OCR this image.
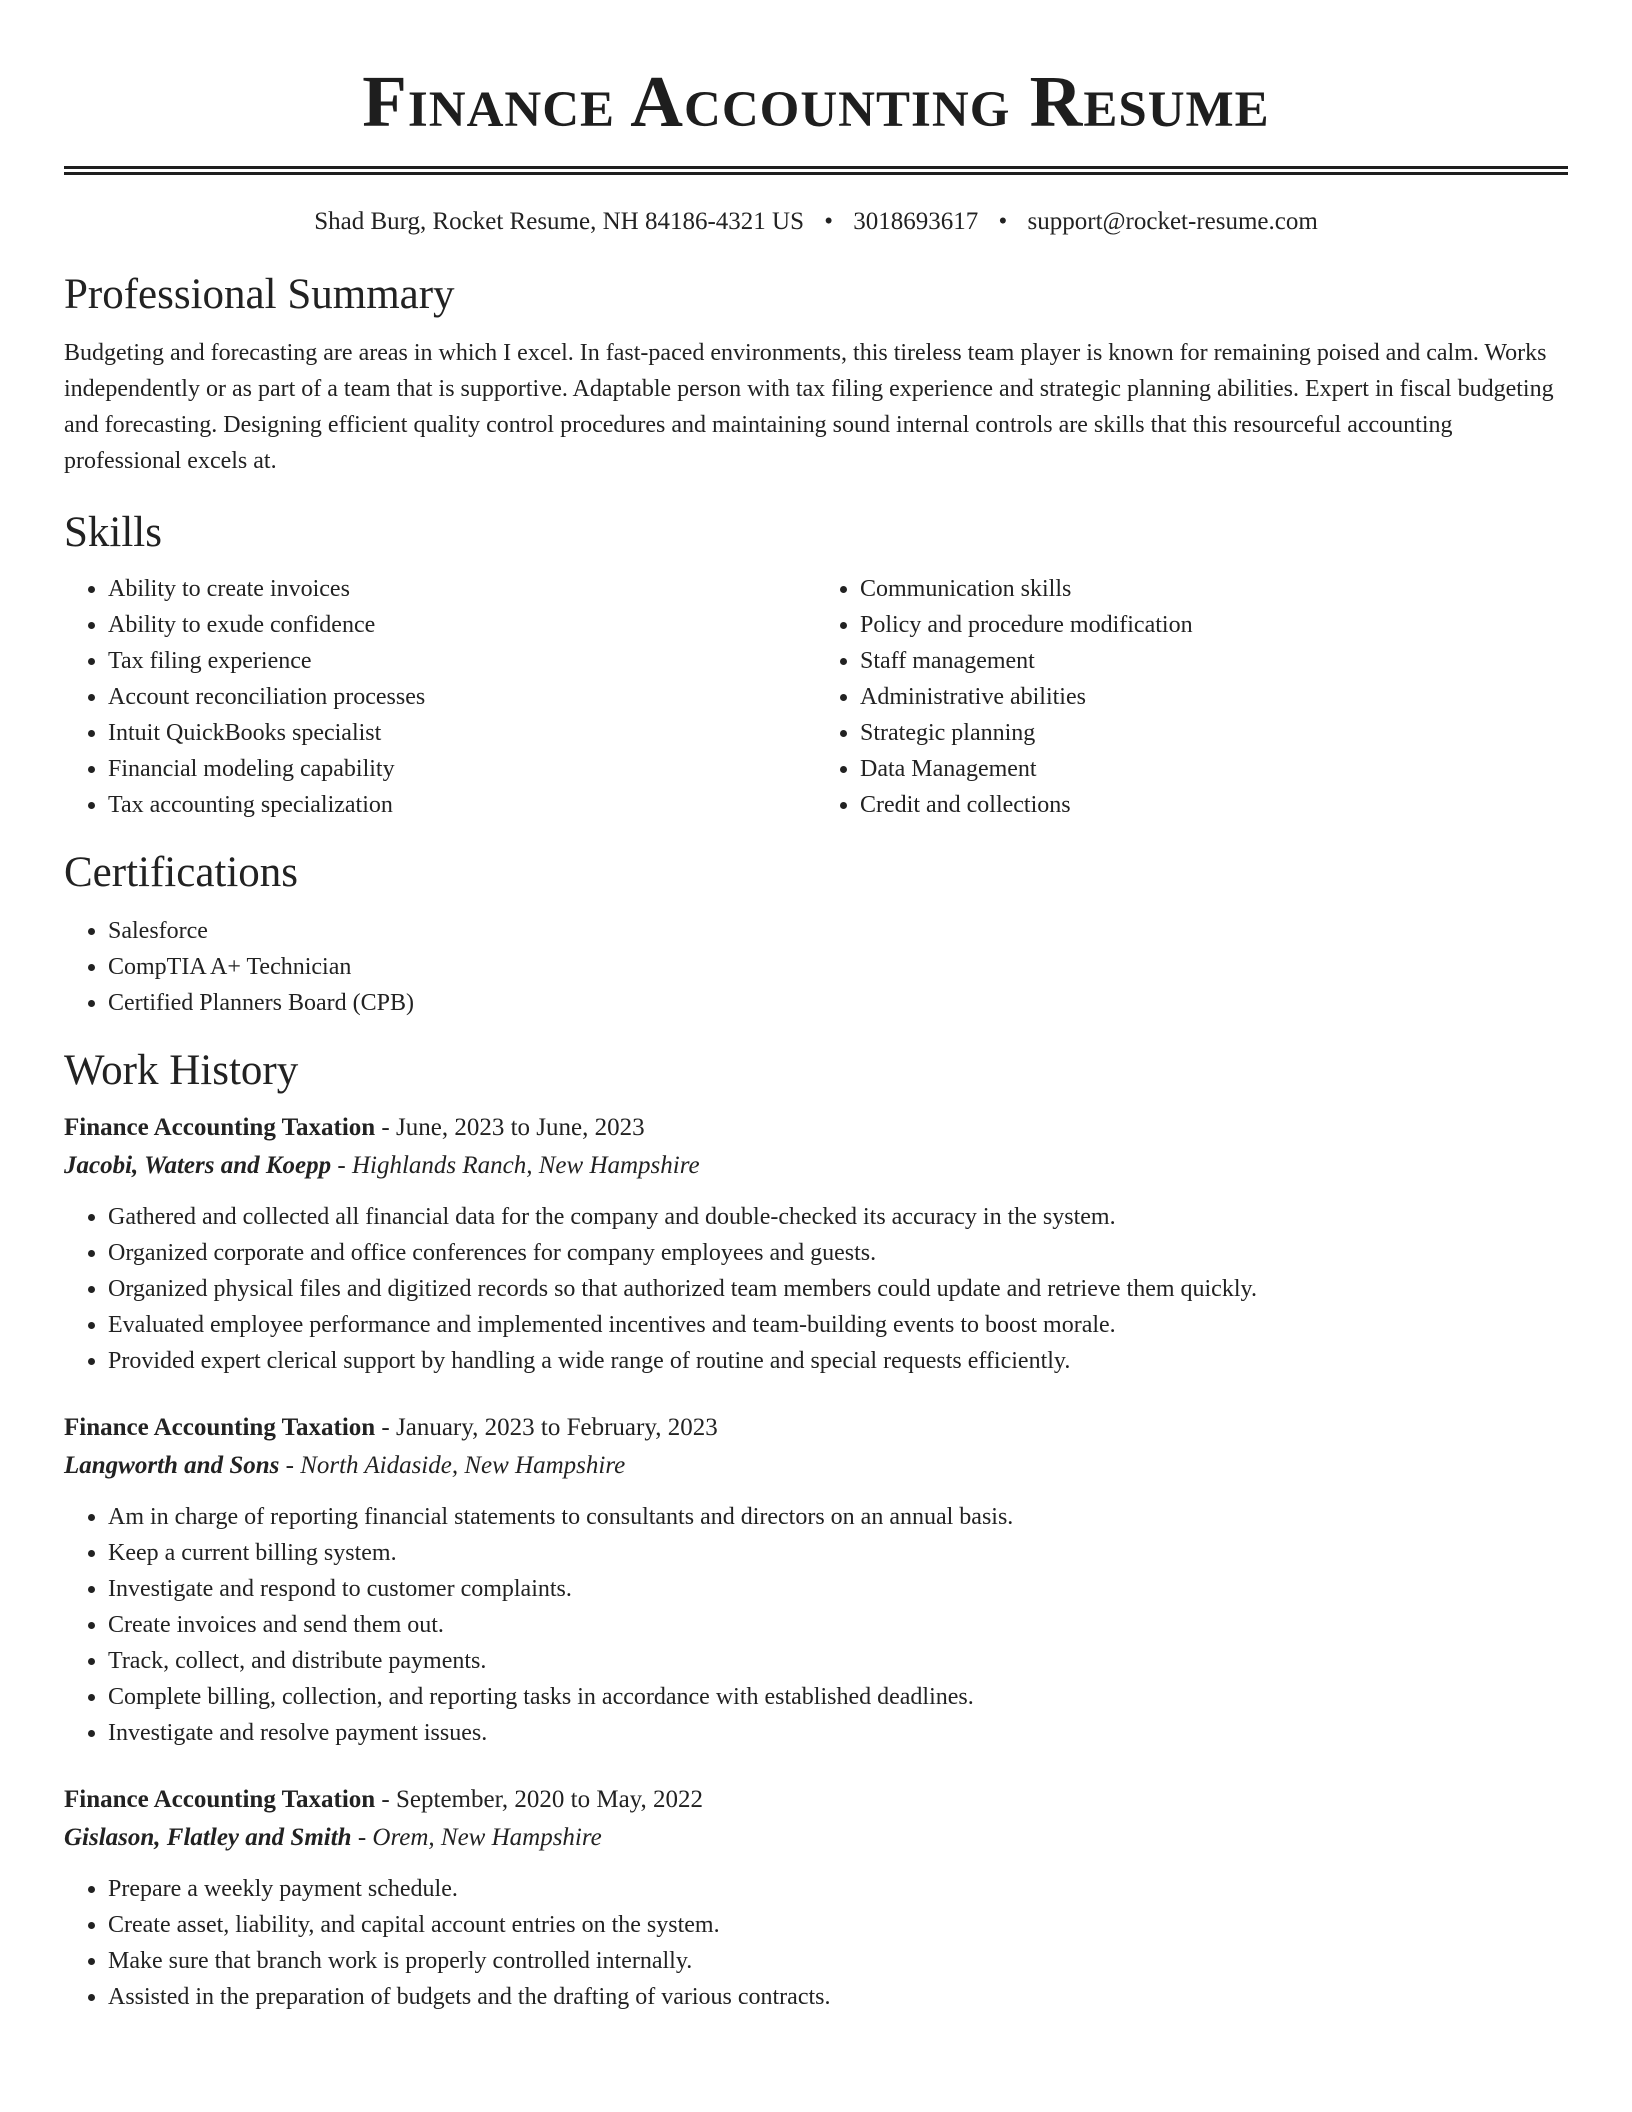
Finance Accounting Resume
Shad Burg, Rocket Resume, NH 84186-4321 US • 3018693617 • support@rocket-resume.com
Professional Summary

Budgeting and forecasting are areas in which I excel. In fast-paced environments, this tireless team player is known for remaining poised and calm. Works independently or as part of a team that is supportive. Adaptable person with tax filing experience and strategic planning abilities. Expert in fiscal budgeting and forecasting. Designing efficient quality control procedures and maintaining sound internal controls are skills that this resourceful accounting professional excels at.

Skills
• Ability to create invoices
• Ability to exude confidence
• Tax filing experience
• Account reconciliation processes
• Intuit QuickBooks specialist
• Financial modeling capability
• Tax accounting specialization
• Communication skills
• Policy and procedure modification
• Staff management
• Administrative abilities
• Strategic planning
• Data Management
• Credit and collections
Certifications
• Salesforce
• CompTIA A+ Technician
• Certified Planners Board (CPB)
Work History
Finance Accounting Taxation - June, 2023 to June, 2023
Jacobi, Waters and Koepp - Highlands Ranch, New Hampshire
• Gathered and collected all financial data for the company and double-checked its accuracy in the system.
• Organized corporate and office conferences for company employees and guests.
• Organized physical files and digitized records so that authorized team members could update and retrieve them quickly.
• Evaluated employee performance and implemented incentives and team-building events to boost morale.
• Provided expert clerical support by handling a wide range of routine and special requests efficiently.
Finance Accounting Taxation - January, 2023 to February, 2023
Langworth and Sons - North Aidaside, New Hampshire
• Am in charge of reporting financial statements to consultants and directors on an annual basis.
• Keep a current billing system.
• Investigate and respond to customer complaints.
• Create invoices and send them out.
• Track, collect, and distribute payments.
• Complete billing, collection, and reporting tasks in accordance with established deadlines.
• Investigate and resolve payment issues.
Finance Accounting Taxation - September, 2020 to May, 2022
Gislason, Flatley and Smith - Orem, New Hampshire
• Prepare a weekly payment schedule.
• Create asset, liability, and capital account entries on the system.
• Make sure that branch work is properly controlled internally.
• Assisted in the preparation of budgets and the drafting of various contracts.
